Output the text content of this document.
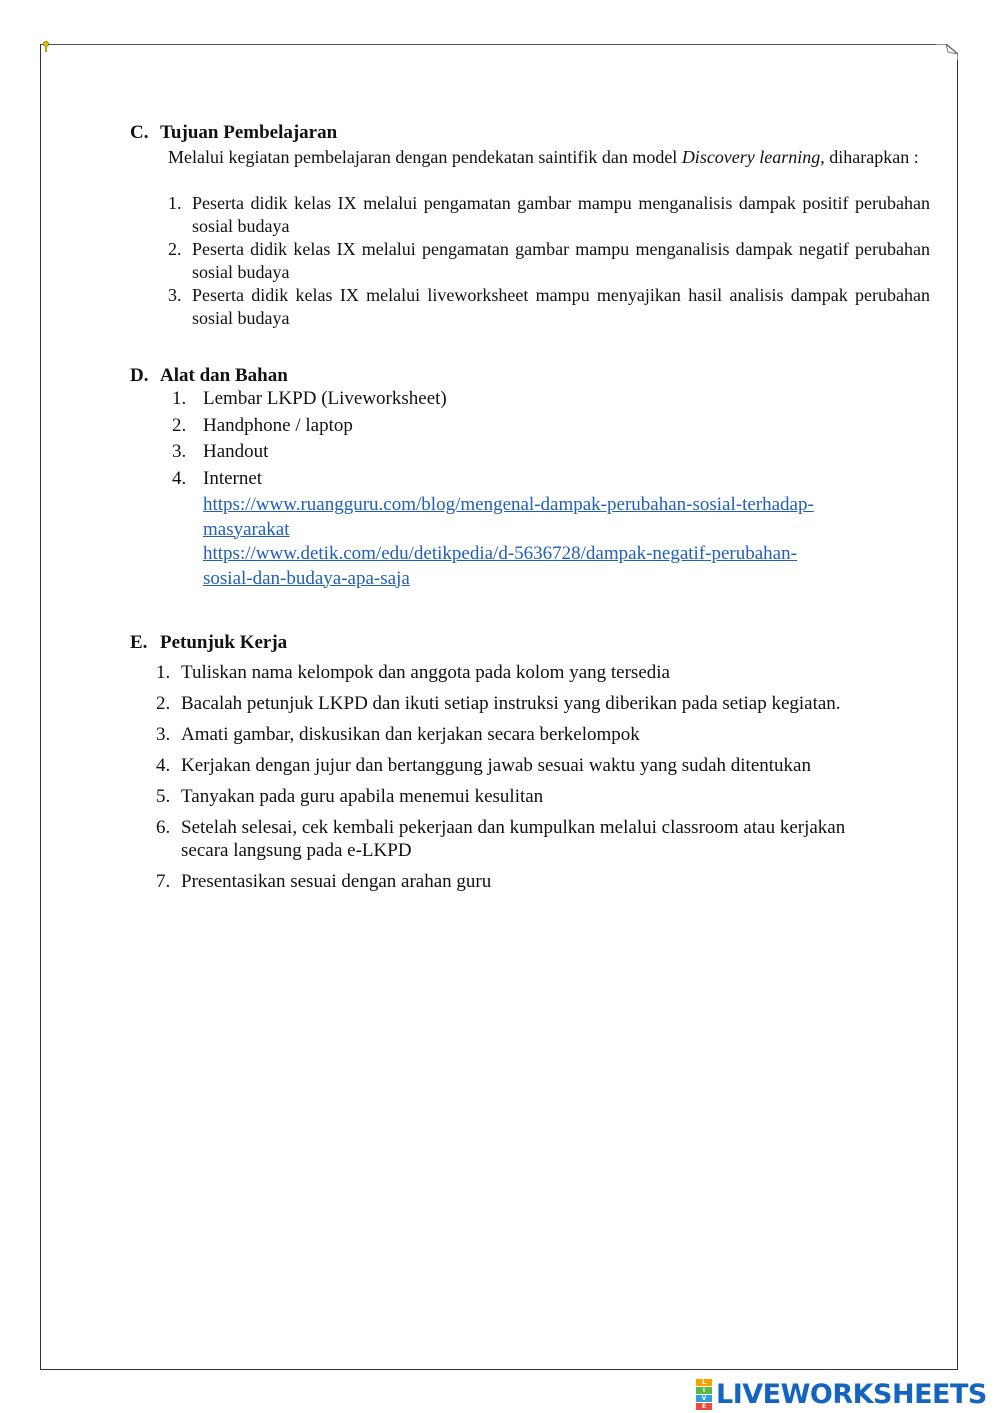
C. Tujuan Pembelajaran
Melalui kegiatan pembelajaran dengan pendekatan saintifik dan model Discovery learning, diharapkan :
1. Peserta didik kelas IX melalui pengamatan gambar mampu menganalisis dampak positif perubahan sosial budaya
2. Peserta didik kelas IX melalui pengamatan gambar mampu menganalisis dampak negatif perubahan sosial budaya
3. Peserta didik kelas IX melalui liveworksheet mampu menyajikan hasil analisis dampak perubahan sosial budaya
D. Alat dan Bahan
1. Lembar LKPD (Liveworksheet)
2. Handphone / laptop
3. Handout
4. Internet
https://www.ruangguru.com/blog/mengenal-dampak-perubahan-sosial-terhadap-
masyarakat
https://www.detik.com/edu/detikpedia/d-5636728/dampak-negatif-perubahan-
sosial-dan-budaya-apa-saja
E. Petunjuk Kerja
1. Tuliskan nama kelompok dan anggota pada kolom yang tersedia
2. Bacalah petunjuk LKPD dan ikuti setiap instruksi yang diberikan pada setiap kegiatan.
3. Amati gambar, diskusikan dan kerjakan secara berkelompok
4. Kerjakan dengan jujur dan bertanggung jawab sesuai waktu yang sudah ditentukan
5. Tanyakan pada guru apabila menemui kesulitan
6. Setelah selesai, cek kembali pekerjaan dan kumpulkan melalui classroom atau kerjakan secara langsung pada e-LKPD
7. Presentasikan sesuai dengan arahan guru
L
I
V
E LIVEWORKSHEETS
